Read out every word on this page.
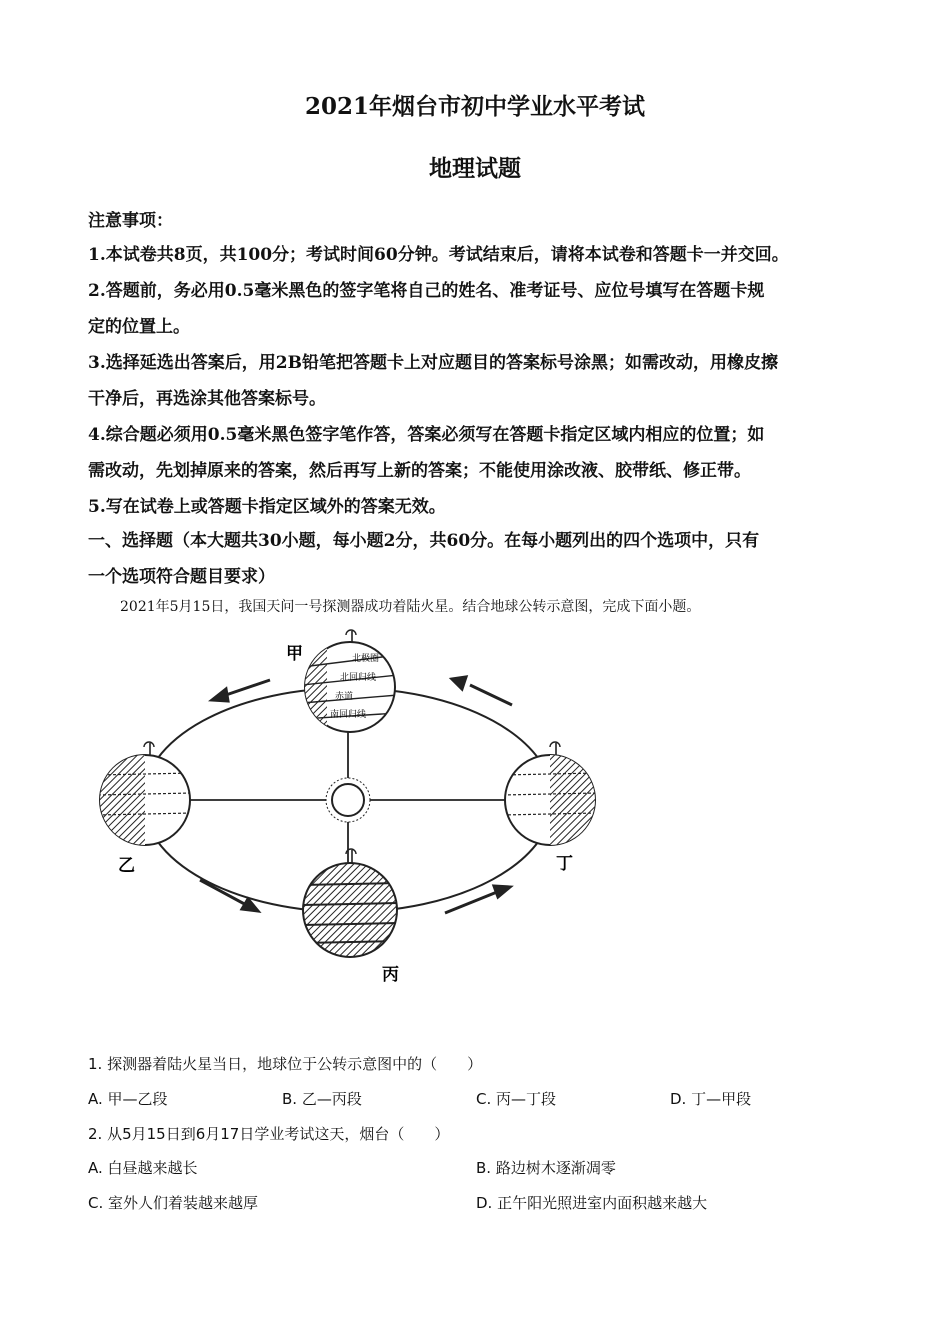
2021年烟台市初中学业水平考试
地理试题
注意事项：
1.本试卷共8页，共100分；考试时间60分钟。考试结束后，请将本试卷和答题卡一并交回。
2.答题前，务必用0.5毫米黑色的签字笔将自己的姓名、准考证号、应位号填写在答题卡规
定的位置上。
3.选择延选出答案后，用2B铅笔把答题卡上对应题目的答案标号涂黑；如需改动，用橡皮擦
干净后，再选涂其他答案标号。
4.综合题必须用0.5毫米黑色签字笔作答，答案必须写在答题卡指定区域内相应的位置；如
需改动，先划掉原来的答案，然后再写上新的答案；不能使用涂改液、胶带纸、修正带。
5.写在试卷上或答题卡指定区域外的答案无效。
一、选择题（本大题共30小题，每小题2分，共60分。在每小题列出的四个选项中，只有
一个选项符合题目要求）
2021年5月15日，我国天问一号探测器成功着陆火星。结合地球公转示意图，完成下面小题。
北极圈
北回归线
赤道
南回归线
甲
乙
丙
丁
1. 探测器着陆火星当日，地球位于公转示意图中的（　　）
A. 甲—乙段	B. 乙—丙段	C. 丙—丁段	D. 丁—甲段
2. 从5月15日到6月17日学业考试这天，烟台（　　）
A. 白昼越来越长	B. 路边树木逐渐凋零
C. 室外人们着装越来越厚	D. 正午阳光照进室内面积越来越大
